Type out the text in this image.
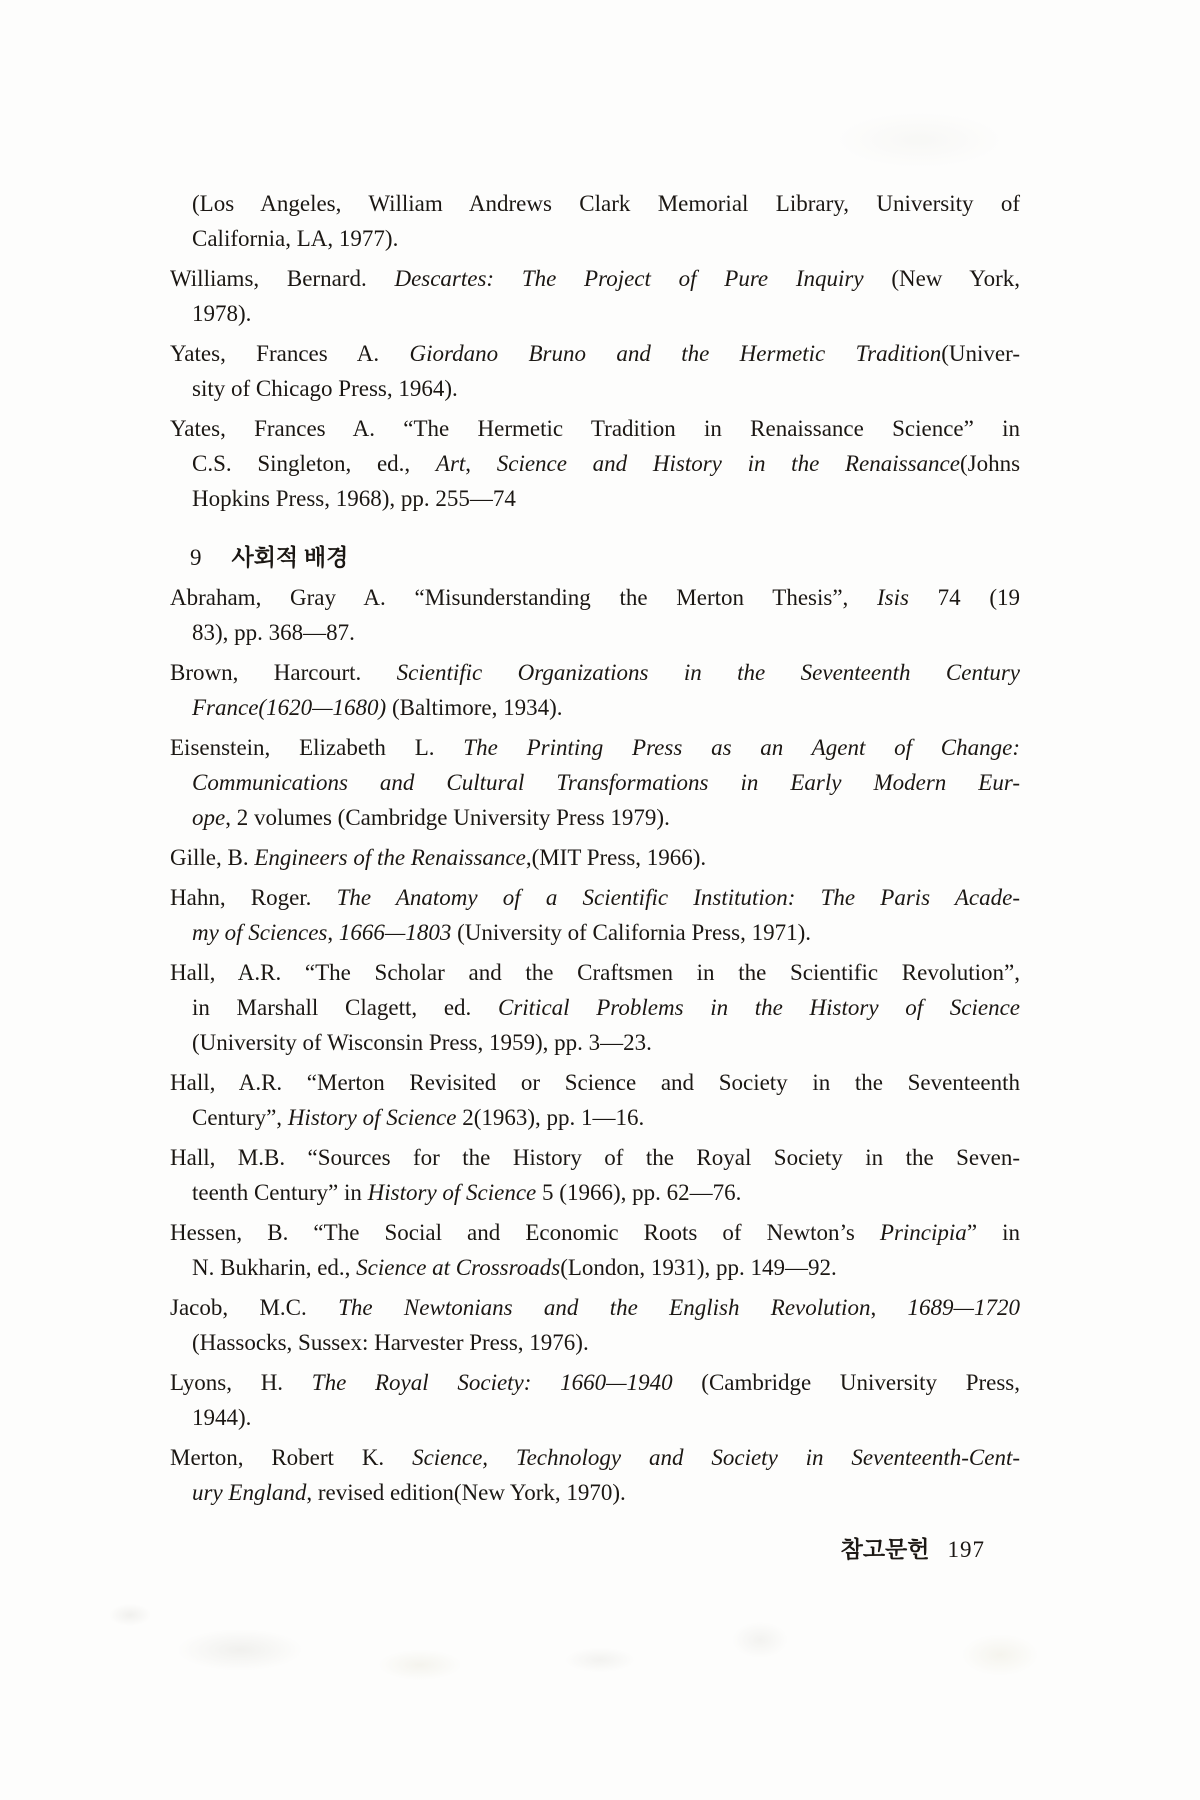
(Los Angeles, William Andrews Clark Memorial Library, University of
California, LA, 1977).
Williams, Bernard. Descartes: The Project of Pure Inquiry (New York,
1978).
Yates, Frances A. Giordano Bruno and the Hermetic Tradition(Univer-
sity of Chicago Press, 1964).
Yates, Frances A. “The Hermetic Tradition in Renaissance Science” in
C.S. Singleton, ed., Art, Science and History in the Renaissance(Johns
Hopkins Press, 1968), pp. 255—74
9 사회적 배경
Abraham, Gray A. “Misunderstanding the Merton Thesis”, Isis 74 (19
83), pp. 368—87.
Brown, Harcourt. Scientific Organizations in the Seventeenth Century
France(1620—1680) (Baltimore, 1934).
Eisenstein, Elizabeth L. The Printing Press as an Agent of Change:
Communications and Cultural Transformations in Early Modern Eur-
ope, 2 volumes (Cambridge University Press 1979).
Gille, B. Engineers of the Renaissance,(MIT Press, 1966).
Hahn, Roger. The Anatomy of a Scientific Institution: The Paris Acade-
my of Sciences, 1666—1803 (University of California Press, 1971).
Hall, A.R. “The Scholar and the Craftsmen in the Scientific Revolution”,
in Marshall Clagett, ed. Critical Problems in the History of Science
(University of Wisconsin Press, 1959), pp. 3—23.
Hall, A.R. “Merton Revisited or Science and Society in the Seventeenth
Century”, History of Science 2(1963), pp. 1—16.
Hall, M.B. “Sources for the History of the Royal Society in the Seven-
teenth Century” in History of Science 5 (1966), pp. 62—76.
Hessen, B. “The Social and Economic Roots of Newton’s Principia” in
N. Bukharin, ed., Science at Crossroads(London, 1931), pp. 149—92.
Jacob, M.C. The Newtonians and the English Revolution, 1689—1720
(Hassocks, Sussex: Harvester Press, 1976).
Lyons, H. The Royal Society: 1660—1940 (Cambridge University Press,
1944).
Merton, Robert K. Science, Technology and Society in Seventeenth-Cent-
ury England, revised edition(New York, 1970).
참고문헌 197
